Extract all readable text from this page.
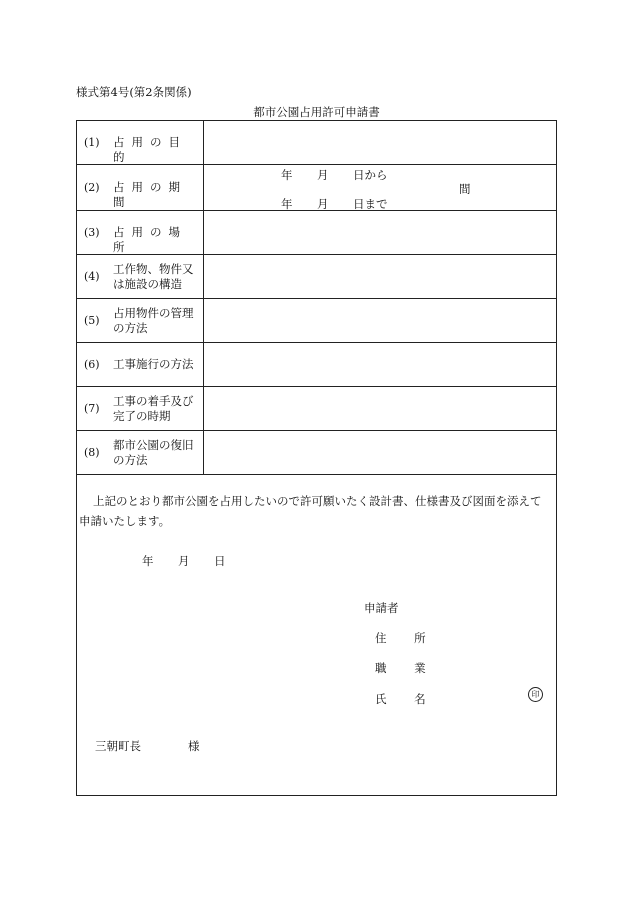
様式第4号(第2条関係)
都市公園占用許可申請書
(1) 占用の目的
(2) 占用の期間
年 月 日から
年 月 日まで
間
(3) 占用の場所
(4)
工作物、物件又は施設の構造
(5)
占用物件の管理の方法
(6) 工事施行の方法
(7)
工事の着手及び完了の時期
(8)
都市公園の復旧の方法
上記のとおり都市公園を占用したいので許可願いたく設計書、仕様書及び図面を添えて申請いたします。
年 月 日
申請者
住 所
職 業
氏 名	印
三朝町長	様
